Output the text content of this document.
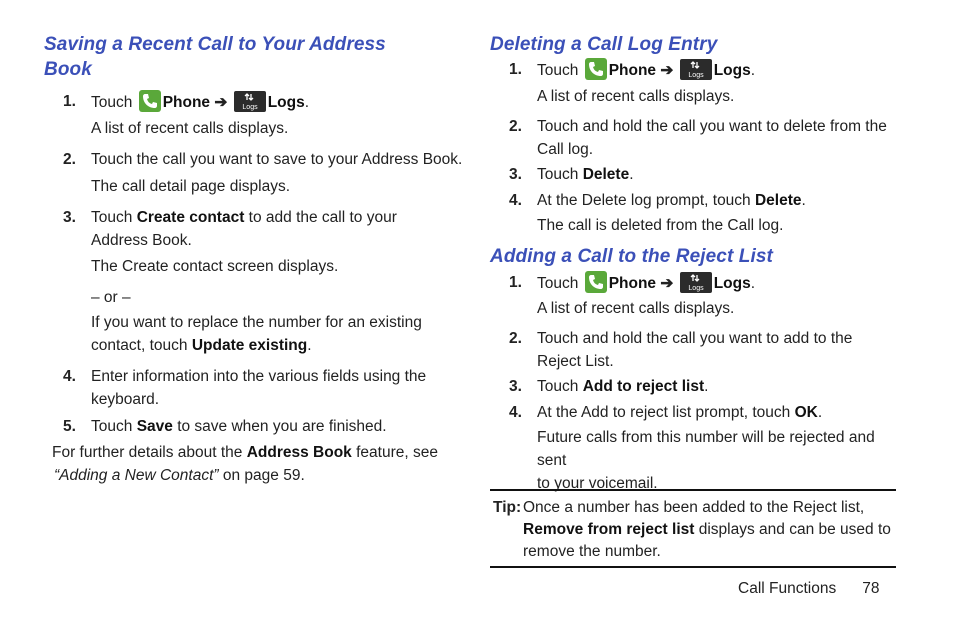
Saving a Recent Call to Your Address
Book
1. Touch Phone ➔ Logs Logs.
A list of recent calls displays.
2. Touch the call you want to save to your Address Book.
The call detail page displays.
3. Touch Create contact to add the call to your
Address Book.
The Create contact screen displays.
– or –
If you want to replace the number for an existing
contact, touch Update existing.
4. Enter information into the various fields using the
keyboard.
5. Touch Save to save when you are finished.
For further details about the Address Book feature, see
“Adding a New Contact” on page 59.
Deleting a Call Log Entry
1. Touch Phone ➔ Logs Logs.
A list of recent calls displays.
2. Touch and hold the call you want to delete from the
Call log.
3. Touch Delete.
4. At the Delete log prompt, touch Delete.
The call is deleted from the Call log.
Adding a Call to the Reject List
1. Touch Phone ➔ Logs Logs.
A list of recent calls displays.
2. Touch and hold the call you want to add to the
Reject List.
3. Touch Add to reject list.
4. At the Add to reject list prompt, touch OK.
Future calls from this number will be rejected and sent
to your voicemail.
Tip: Once a number has been added to the Reject list,
Remove from reject list displays and can be used to
remove the number.
Call Functions 78
